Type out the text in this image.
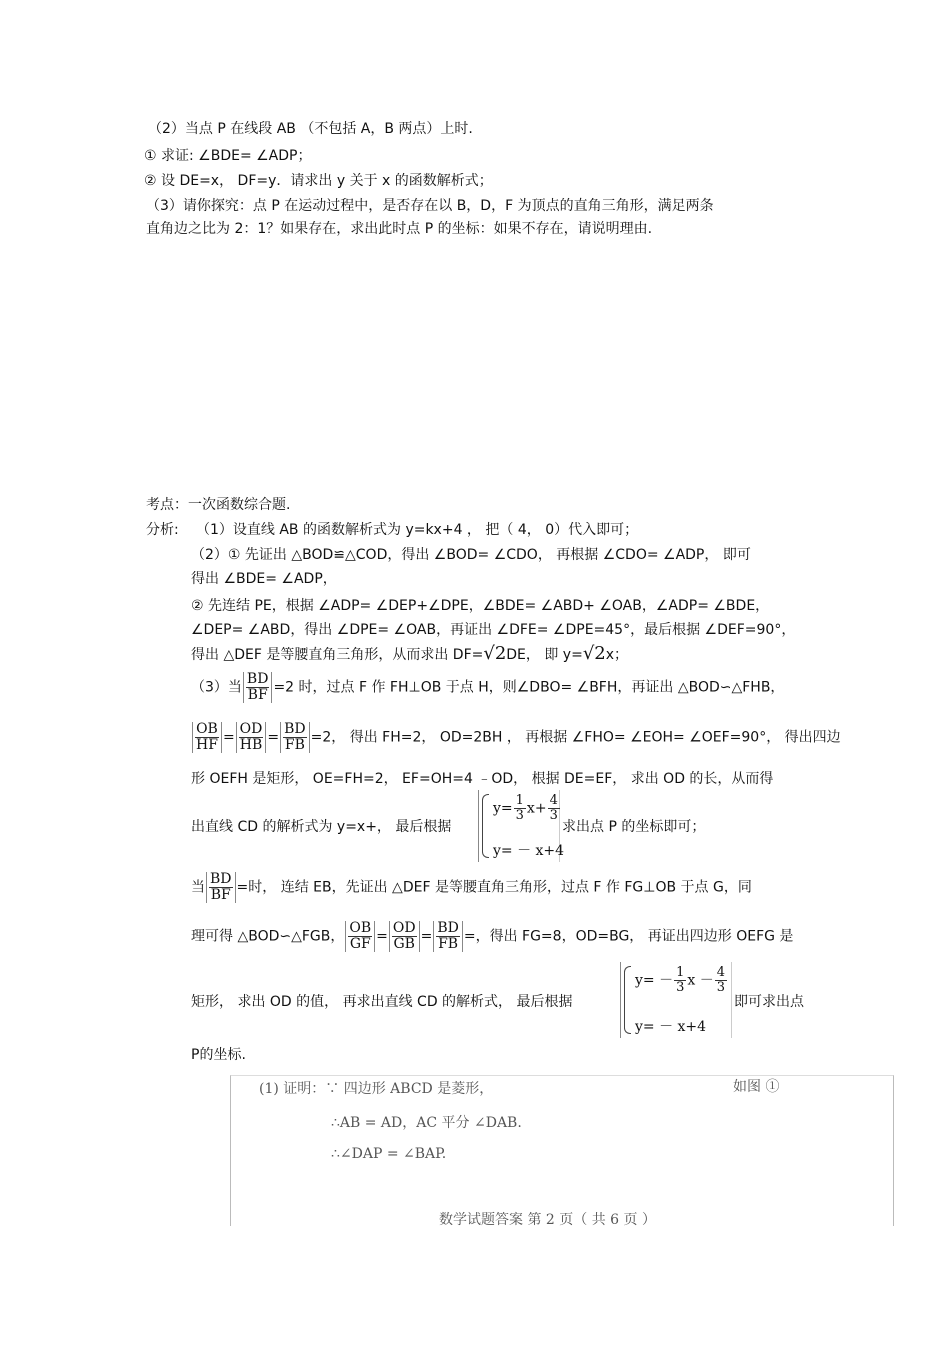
（2）当点 P 在线段 AB （不包括 A，B 两点）上时.
① 求证: ∠BDE= ∠ADP；
② 设 DE=x， DF=y．请求出 y 关于 x 的函数解析式；
（3）请你探究：点 P 在运动过程中，是否存在以 B，D，F 为顶点的直角三角形，满足两条
直角边之比为 2：1？如果存在，求出此时点 P 的坐标：如果不存在，请说明理由.
考点：一次函数综合题.
分析: （1）设直线 AB 的函数解析式为 y=kx+4 ， 把（ 4， 0）代入即可；
（2）① 先证出 △BOD≌△COD，得出 ∠BOD= ∠CDO， 再根据 ∠CDO= ∠ADP， 即可
得出 ∠BDE= ∠ADP，
② 先连结 PE，根据 ∠ADP= ∠DEP+∠DPE，∠BDE= ∠ABD+ ∠OAB，∠ADP= ∠BDE，
∠DEP= ∠ABD，得出 ∠DPE= ∠OAB，再证出 ∠DFE= ∠DPE=45°，最后根据 ∠DEF=90°，
得出 △DEF 是等腰直角三角形，从而求出 DF=√2DE， 即 y=√2x；
（3）当 $\frac{BD}{BF} =2$ 时，过点 F 作 FH⊥OB 于点 H，则∠DBO= ∠BFH，再证出 △BOD∽△FHB，
$\frac{OB}{HF} = \frac{OD}{HB} = \frac{BD}{FB} =2$， 得出 FH=2， OD=2BH ， 再根据 ∠FHO= ∠EOH= ∠OEF=90°， 得出四边
形 OEFH 是矩形， OE=FH=2， EF=OH=4 ﹣OD， 根据 DE=EF， 求出 OD 的长，从而得
出直线 CD 的解析式为 y=x+， 最后根据
$y= \frac{1}{3} x+ \frac{4}{3}$
y= － x+4
求出点 P 的坐标即可；
当 $\frac{BD}{BF}$ =时， 连结 EB，先证出 △DEF 是等腰直角三角形，过点 F 作 FG⊥OB 于点 G，同
理可得 △BOD∽△FGB， $\frac{OB}{GF} = \frac{OD}{GB} = \frac{BD}{FB}$ =，得出 FG=8，OD=BG， 再证出四边形 OEFG 是
矩形， 求出 OD 的值， 再求出直线 CD 的解析式， 最后根据
$y= - \frac{1}{3}$ $x - \frac{4}{3}$
y= － x+4
即可求出点
P的坐标.
(1) 证明：∵ 四边形 ABCD 是菱形，	如图 ①
∴AB = AD，AC 平分 ∠DAB.
∴∠DAP = ∠BAP.
数学试题答案 第 2 页（ 共 6 页 ）
